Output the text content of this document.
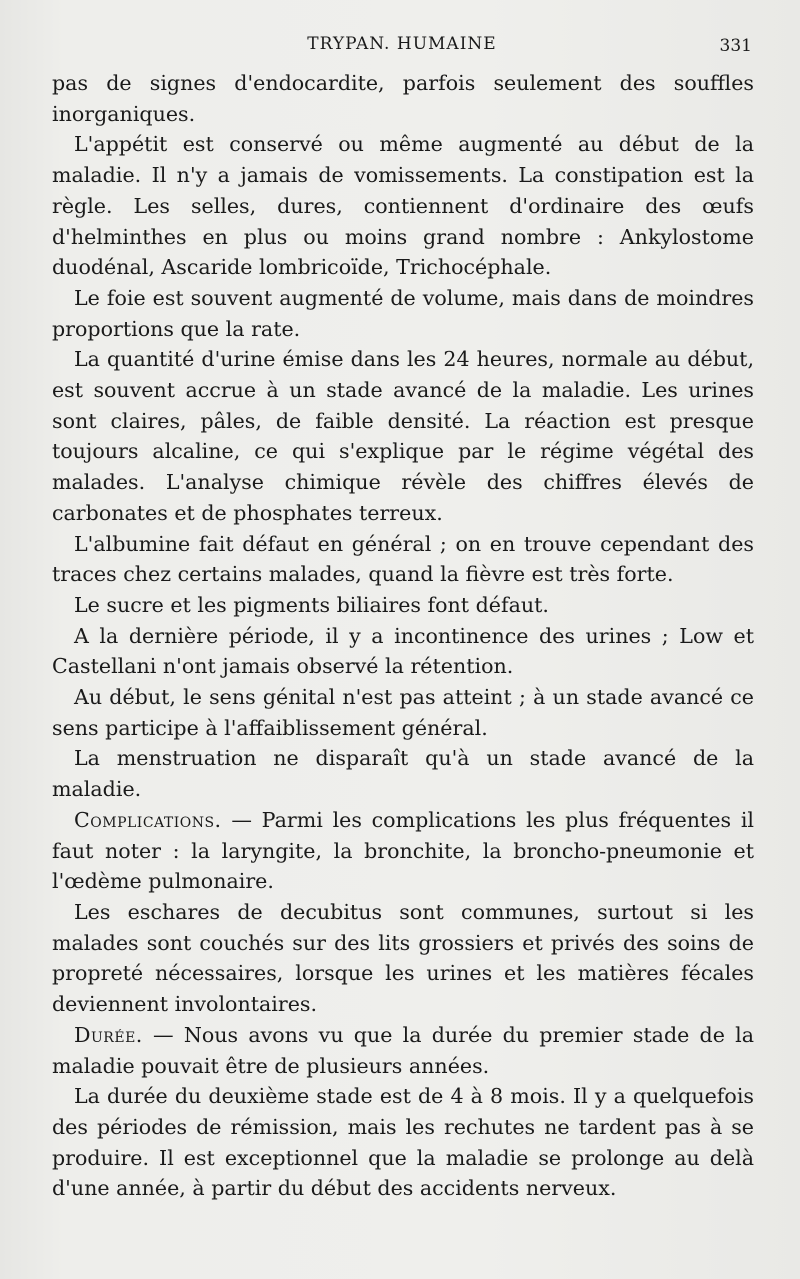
TRYPAN. HUMAINE	331

pas de signes d'endocardite, parfois seulement des souffles inorganiques.

L'appétit est conservé ou même augmenté au début de la maladie. Il n'y a jamais de vomissements. La constipation est la règle. Les selles, dures, contiennent d'ordinaire des œufs d'helminthes en plus ou moins grand nombre : Ankylostome duodénal, Ascaride lombricoïde, Trichocéphale.

Le foie est souvent augmenté de volume, mais dans de moindres proportions que la rate.

La quantité d'urine émise dans les 24 heures, normale au début, est souvent accrue à un stade avancé de la maladie. Les urines sont claires, pâles, de faible densité. La réaction est presque toujours alcaline, ce qui s'explique par le régime végétal des malades. L'analyse chimique révèle des chiffres élevés de carbonates et de phosphates terreux.

L'albumine fait défaut en général ; on en trouve cependant des traces chez certains malades, quand la fièvre est très forte.

Le sucre et les pigments biliaires font défaut.

A la dernière période, il y a incontinence des urines ; Low et Castellani n'ont jamais observé la rétention.

Au début, le sens génital n'est pas atteint ; à un stade avancé ce sens participe à l'affaiblissement général.

La menstruation ne disparaît qu'à un stade avancé de la maladie.

Complications. — Parmi les complications les plus fréquentes il faut noter : la laryngite, la bronchite, la broncho-pneumonie et l'œdème pulmonaire.

Les eschares de decubitus sont communes, surtout si les malades sont couchés sur des lits grossiers et privés des soins de propreté nécessaires, lorsque les urines et les matières fécales deviennent involontaires.

Durée. — Nous avons vu que la durée du premier stade de la maladie pouvait être de plusieurs années.

La durée du deuxième stade est de 4 à 8 mois. Il y a quelquefois des périodes de rémission, mais les rechutes ne tardent pas à se produire. Il est exceptionnel que la maladie se prolonge au delà d'une année, à partir du début des accidents nerveux.
